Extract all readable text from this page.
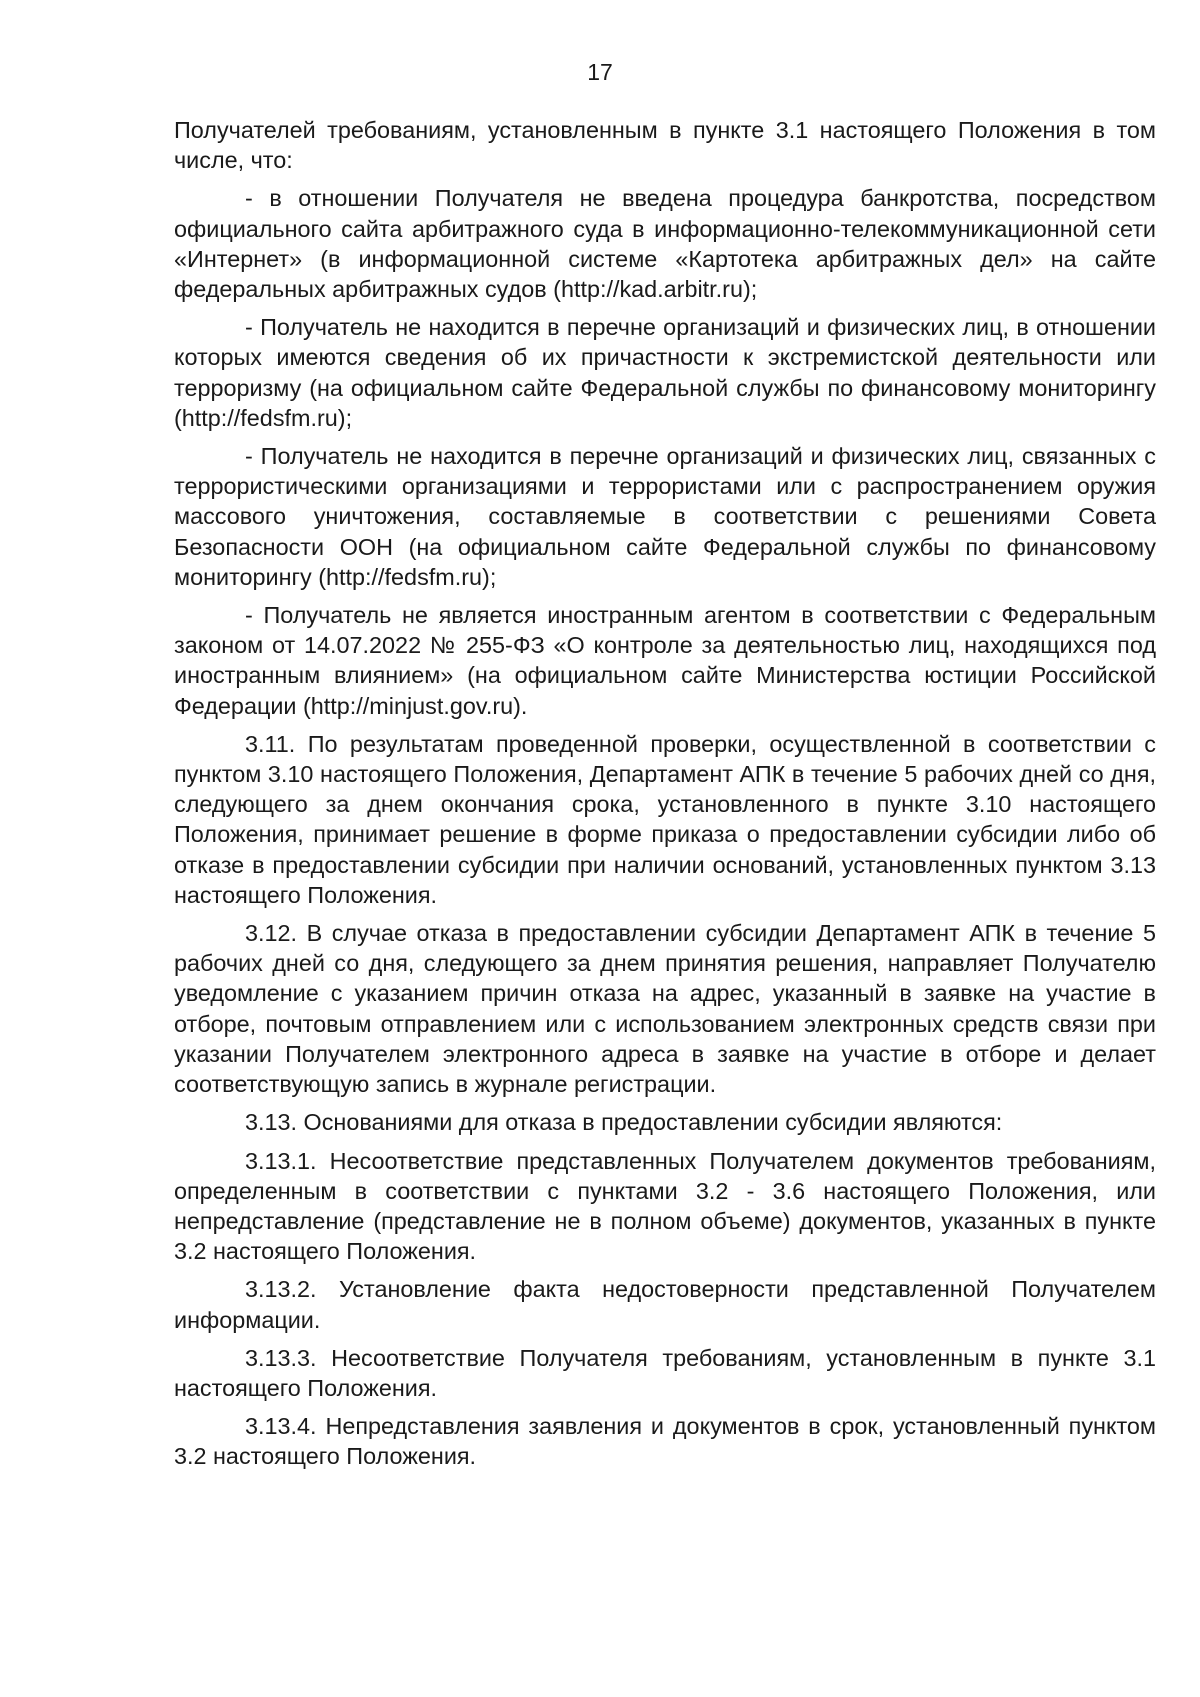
17

Получателей требованиям, установленным в пункте 3.1 настоящего Положения в том числе, что:

- в отношении Получателя не введена процедура банкротства, посредством официального сайта арбитражного суда в информационно-телекоммуникационной сети «Интернет» (в информационной системе «Картотека арбитражных дел» на сайте федеральных арбитражных судов (http://kad.arbitr.ru);

- Получатель не находится в перечне организаций и физических лиц, в отношении которых имеются сведения об их причастности к экстремистской деятельности или терроризму (на официальном сайте Федеральной службы по финансовому мониторингу (http://fedsfm.ru);

- Получатель не находится в перечне организаций и физических лиц, связанных с террористическими организациями и террористами или с распространением оружия массового уничтожения, составляемые в соответствии с решениями Совета Безопасности ООН (на официальном сайте Федеральной службы по финансовому мониторингу (http://fedsfm.ru);

- Получатель не является иностранным агентом в соответствии с Федеральным законом от 14.07.2022 № 255-ФЗ «О контроле за деятельностью лиц, находящихся под иностранным влиянием» (на официальном сайте Министерства юстиции Российской Федерации (http://minjust.gov.ru).

3.11. По результатам проведенной проверки, осуществленной в соответствии с пунктом 3.10 настоящего Положения, Департамент АПК в течение 5 рабочих дней со дня, следующего за днем окончания срока, установленного в пункте 3.10 настоящего Положения, принимает решение в форме приказа о предоставлении субсидии либо об отказе в предоставлении субсидии при наличии оснований, установленных пунктом 3.13 настоящего Положения.

3.12. В случае отказа в предоставлении субсидии Департамент АПК в течение 5 рабочих дней со дня, следующего за днем принятия решения, направляет Получателю уведомление с указанием причин отказа на адрес, указанный в заявке на участие в отборе, почтовым отправлением или с использованием электронных средств связи при указании Получателем электронного адреса в заявке на участие в отборе и делает соответствующую запись в журнале регистрации.

3.13. Основаниями для отказа в предоставлении субсидии являются:

3.13.1. Несоответствие представленных Получателем документов требованиям, определенным в соответствии с пунктами 3.2 - 3.6 настоящего Положения, или непредставление (представление не в полном объеме) документов, указанных в пункте 3.2 настоящего Положения.

3.13.2. Установление факта недостоверности представленной Получателем информации.

3.13.3. Несоответствие Получателя требованиям, установленным в пункте 3.1 настоящего Положения.

3.13.4. Непредставления заявления и документов в срок, установленный пунктом 3.2 настоящего Положения.
